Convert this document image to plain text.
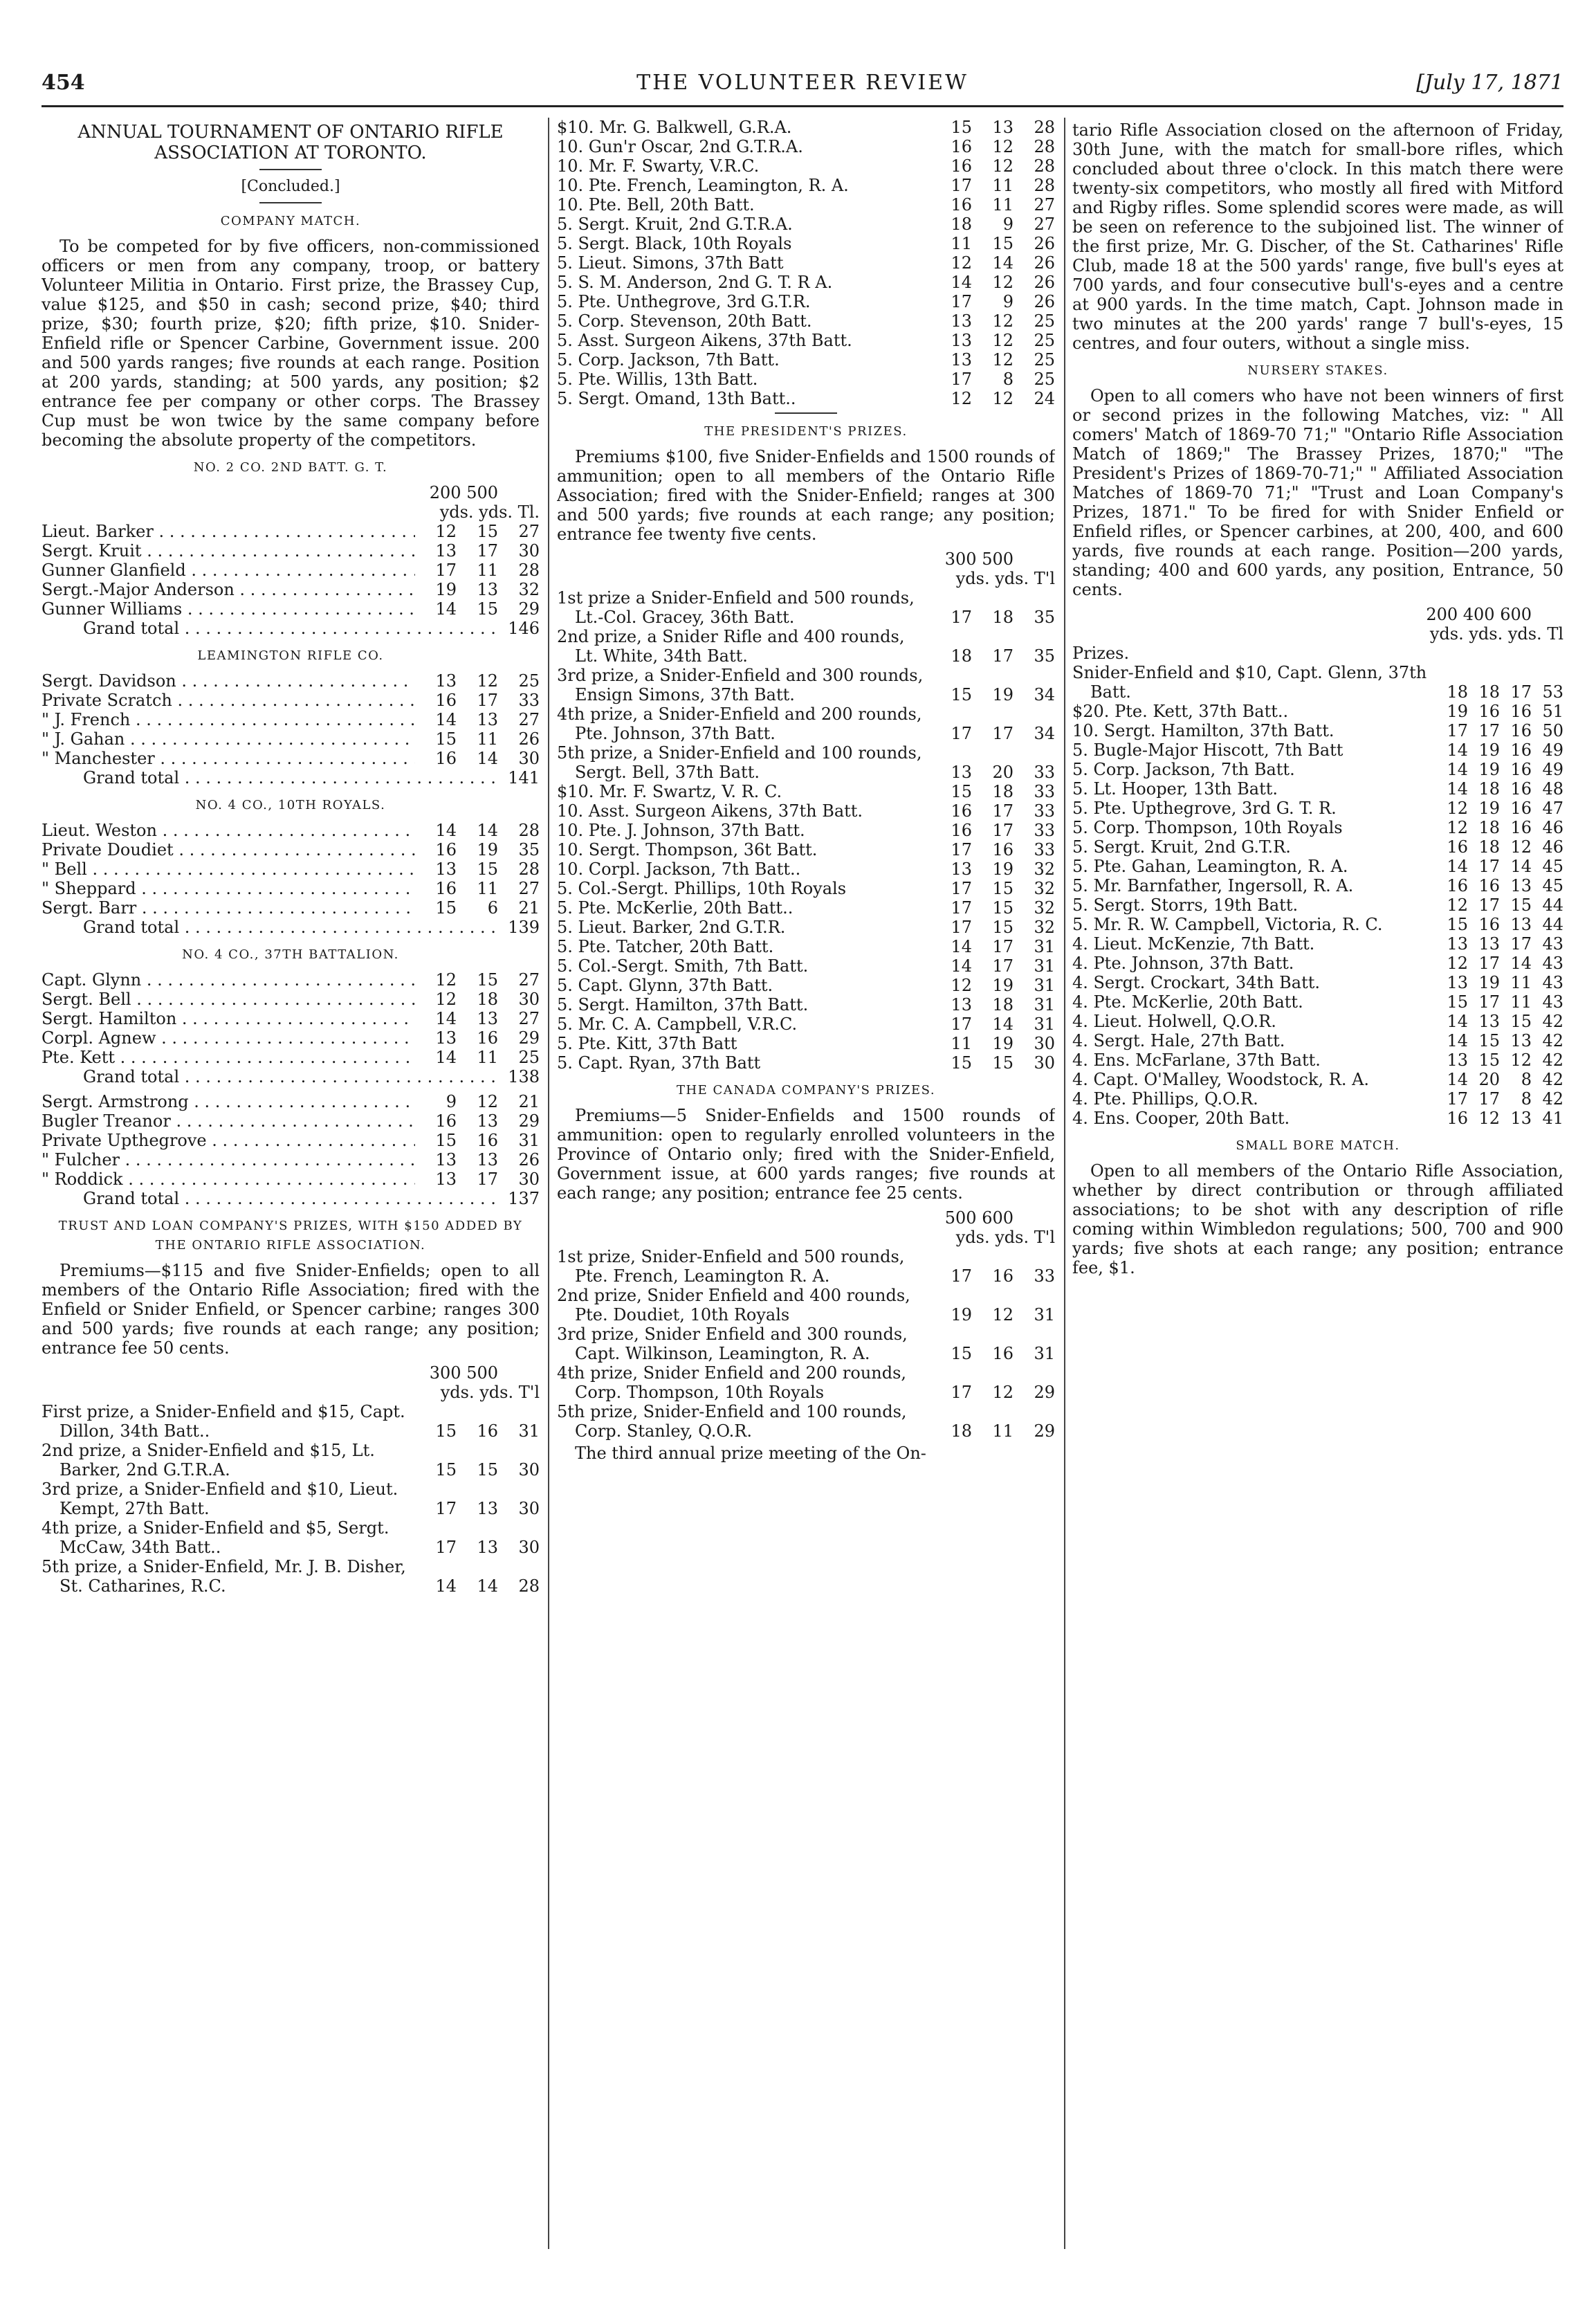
454	THE VOLUNTEER REVIEW	[July 17, 1871
ANNUAL TOURNAMENT OF ONTARIO RIFLE ASSOCIATION AT TORONTO.
[Concluded.]
COMPANY MATCH.

To be competed for by five officers, non-commissioned officers or men from any company, troop, or battery Volunteer Militia in Ontario. First prize, the Brassey Cup, value $125, and $50 in cash; second prize, $40; third prize, $30; fourth prize, $20; fifth prize, $10. Snider-Enfield rifle or Spencer Carbine, Government issue. 200 and 500 yards ranges; five rounds at each range. Position at 200 yards, standing; at 500 yards, any position; $2 entrance fee per company or other corps. The Brassey Cup must be won twice by the same company before becoming the absolute property of the competitors.

NO. 2 CO. 2ND BATT. G. T.
200 500
yds. yds. Tl.
Lieut. Barker . . .	12	15	27
Sergt. Kruit . . .	13	17	30
Gunner Glanfield . . .	17	11	28
Sergt.-Major Anderson . . .	19	13	32
Gunner Williams . . .	14	15	29
Grand total . . .	146
LEAMINGTON RIFLE CO.
Sergt. Davidson . . .	13	12	25
Private Scratch . . .	16	17	33
" J. French . . .	14	13	27
" J. Gahan . . .	15	11	26
" Manchester . . .	16	14	30
Grand total . . .	141
NO. 4 CO., 10TH ROYALS.
Lieut. Weston . . .	14	14	28
Private Doudiet . . .	16	19	35
" Bell . . .	13	15	28
" Sheppard . . .	16	11	27
Sergt. Barr . . .	15	6	21
Grand total . . .	139
NO. 4 CO., 37TH BATTALION.
Capt. Glynn . . .	12	15	27
Sergt. Bell . . .	12	18	30
Sergt. Hamilton . . .	14	13	27
Corpl. Agnew . . .	13	16	29
Pte. Kett . . .	14	11	25
Grand total . . .	138
Sergt. Armstrong . . .	9	12	21
Bugler Treanor . . .	16	13	29
Private Upthegrove . . .	15	16	31
" Fulcher . . .	13	13	26
" Roddick . . .	13	17	30
Grand total . . .	137
TRUST AND LOAN COMPANY'S PRIZES, WITH $150 ADDED BY THE ONTARIO RIFLE ASSOCIATION.

Premiums—$115 and five Snider-Enfields; open to all members of the Ontario Rifle Association; fired with the Enfield or Snider Enfield, or Spencer carbine; ranges 300 and 500 yards; five rounds at each range; any position; entrance fee 50 cents.

300 500
yds. yds. T'l
First prize, a Snider-Enfield and $15, Capt. Dillon, 34th Batt..	15	16	31
2nd prize, a Snider-Enfield and $15, Lt. Barker, 2nd G.T.R.A.	15	15	30
3rd prize, a Snider-Enfield and $10, Lieut. Kempt, 27th Batt.	17	13	30
4th prize, a Snider-Enfield and $5, Sergt. McCaw, 34th Batt..	17	13	30
5th prize, a Snider-Enfield, Mr. J. B. Disher, St. Catharines, R.C.	14	14	28
$10. Mr. G. Balkwell, G.R.A.	15	13	28
10. Gun'r Oscar, 2nd G.T.R.A.	16	12	28
10. Mr. F. Swarty, V.R.C.	16	12	28
10. Pte. French, Leamington, R. A.	17	11	28
10. Pte. Bell, 20th Batt.	16	11	27
5. Sergt. Kruit, 2nd G.T.R.A.	18	9	27
5. Sergt. Black, 10th Royals	11	15	26
5. Lieut. Simons, 37th Batt	12	14	26
5. S. M. Anderson, 2nd G. T. R A.	14	12	26
5. Pte. Unthegrove, 3rd G.T.R.	17	9	26
5. Corp. Stevenson, 20th Batt.	13	12	25
5. Asst. Surgeon Aikens, 37th Batt.	13	12	25
5. Corp. Jackson, 7th Batt.	13	12	25
5. Pte. Willis, 13th Batt.	17	8	25
5. Sergt. Omand, 13th Batt..	12	12	24
THE PRESIDENT'S PRIZES.

Premiums $100, five Snider-Enfields and 1500 rounds of ammunition; open to all members of the Ontario Rifle Association; fired with the Snider-Enfield; ranges at 300 and 500 yards; five rounds at each range; any position; entrance fee twenty five cents.

300 500
yds. yds. T'l
1st prize a Snider-Enfield and 500 rounds, Lt.-Col. Gracey, 36th Batt.	17	18	35
2nd prize, a Snider Rifle and 400 rounds, Lt. White, 34th Batt.	18	17	35
3rd prize, a Snider-Enfield and 300 rounds, Ensign Simons, 37th Batt.	15	19	34
4th prize, a Snider-Enfield and 200 rounds, Pte. Johnson, 37th Batt.	17	17	34
5th prize, a Snider-Enfield and 100 rounds, Sergt. Bell, 37th Batt.	13	20	33
$10. Mr. F. Swartz, V. R. C.	15	18	33
10. Asst. Surgeon Aikens, 37th Batt.	16	17	33
10. Pte. J. Johnson, 37th Batt.	16	17	33
10. Sergt. Thompson, 36t Batt.	17	16	33
10. Corpl. Jackson, 7th Batt..	13	19	32
5. Col.-Sergt. Phillips, 10th Royals	17	15	32
5. Pte. McKerlie, 20th Batt..	17	15	32
5. Lieut. Barker, 2nd G.T.R.	17	15	32
5. Pte. Tatcher, 20th Batt.	14	17	31
5. Col.-Sergt. Smith, 7th Batt.	14	17	31
5. Capt. Glynn, 37th Batt.	12	19	31
5. Sergt. Hamilton, 37th Batt.	13	18	31
5. Mr. C. A. Campbell, V.R.C.	17	14	31
5. Pte. Kitt, 37th Batt	11	19	30
5. Capt. Ryan, 37th Batt	15	15	30
THE CANADA COMPANY'S PRIZES.

Premiums—5 Snider-Enfields and 1500 rounds of ammunition: open to regularly enrolled volunteers in the Province of Ontario only; fired with the Snider-Enfield, Government issue, at 600 yards ranges; five rounds at each range; any position; entrance fee 25 cents.

500 600
yds. yds. T'l
1st prize, Snider-Enfield and 500 rounds, Pte. French, Leamington R. A.	17	16	33
2nd prize, Snider Enfield and 400 rounds, Pte. Doudiet, 10th Royals	19	12	31
3rd prize, Snider Enfield and 300 rounds, Capt. Wilkinson, Leamington, R. A.	15	16	31
4th prize, Snider Enfield and 200 rounds, Corp. Thompson, 10th Royals	17	12	29
5th prize, Snider-Enfield and 100 rounds, Corp. Stanley, Q.O.R.	18	11	29

The third annual prize meeting of the On-

tario Rifle Association closed on the afternoon of Friday, 30th June, with the match for small-bore rifles, which concluded about three o'clock. In this match there were twenty-six competitors, who mostly all fired with Mitford and Rigby rifles. Some splendid scores were made, as will be seen on reference to the subjoined list. The winner of the first prize, Mr. G. Discher, of the St. Catharines' Rifle Club, made 18 at the 500 yards' range, five bull's eyes at 700 yards, and four consecutive bull's-eyes and a centre at 900 yards. In the time match, Capt. Johnson made in two minutes at the 200 yards' range 7 bull's-eyes, 15 centres, and four outers, without a single miss.

NURSERY STAKES.

Open to all comers who have not been winners of first or second prizes in the following Matches, viz: " All comers' Match of 1869-70 71;" "Ontario Rifle Association Match of 1869;" The Brassey Prizes, 1870;" "The President's Prizes of 1869-70-71;" " Affiliated Association Matches of 1869-70 71;" "Trust and Loan Company's Prizes, 1871." To be fired for with Snider Enfield or Enfield rifles, or Spencer carbines, at 200, 400, and 600 yards, five rounds at each range. Position—200 yards, standing; 400 and 600 yards, any position, Entrance, 50 cents.

200 400 600
yds. yds. yds. Tl
Prizes.
Snider-Enfield and $10, Capt. Glenn, 37th Batt.	18 18 17 53
$20. Pte. Kett, 37th Batt..	19 16 16 51
10. Sergt. Hamilton, 37th Batt.	17 17 16 50
5. Bugle-Major Hiscott, 7th Batt	14 19 16 49
5. Corp. Jackson, 7th Batt.	14 19 16 49
5. Lt. Hooper, 13th Batt.	14 18 16 48
5. Pte. Upthegrove, 3rd G. T. R.	12 19 16 47
5. Corp. Thompson, 10th Royals	12 18 16 46
5. Sergt. Kruit, 2nd G.T.R.	16 18 12 46
5. Pte. Gahan, Leamington, R. A.	14 17 14 45
5. Mr. Barnfather, Ingersoll, R. A.	16 16 13 45
5. Sergt. Storrs, 19th Batt.	12 17 15 44
5. Mr. R. W. Campbell, Victoria, R. C.	15 16 13 44
4. Lieut. McKenzie, 7th Batt.	13 13 17 43
4. Pte. Johnson, 37th Batt.	12 17 14 43
4. Sergt. Crockart, 34th Batt.	13 19 11 43
4. Pte. McKerlie, 20th Batt.	15 17 11 43
4. Lieut. Holwell, Q.O.R.	14 13 15 42
4. Sergt. Hale, 27th Batt.	14 15 13 42
4. Ens. McFarlane, 37th Batt.	13 15 12 42
4. Capt. O'Malley, Woodstock, R. A.	14 20	8 42
4. Pte. Phillips, Q.O.R.	17 17	8 42
4. Ens. Cooper, 20th Batt.	16 12 13 41
SMALL BORE MATCH.

Open to all members of the Ontario Rifle Association, whether by direct contribution or through affiliated associations; to be shot with any description of rifle coming within Wimbledon regulations; 500, 700 and 900 yards; five shots at each range; any position; entrance fee, $1.
